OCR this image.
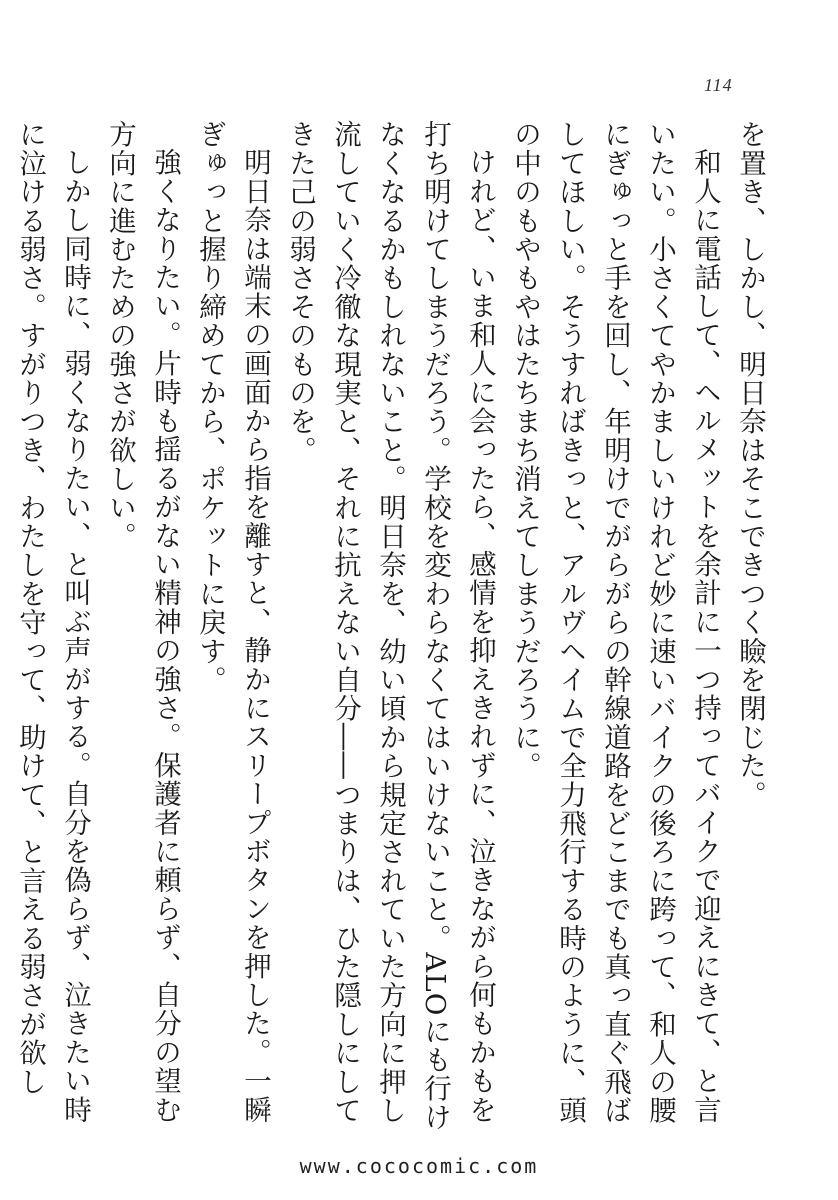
114

を置き、しかし、明日奈はそこできつく瞼を閉じた。

和人に電話して、ヘルメットを余計に一つ持ってバイクで迎えにきて、と言いたい。小さくてやかましいけれど妙に速いバイクの後ろに跨って、和人の腰にぎゅっと手を回し、年明けでがらがらの幹線道路をどこまでも真っ直ぐ飛ばしてほしい。そうすればきっと、アルヴヘイムで全力飛行する時のように、頭の中のもやもやはたちまち消えてしまうだろうに。

けれど、いま和人に会ったら、感情を抑えきれずに、泣きながら何もかもを打ち明けてしまうだろう。学校を変わらなくてはいけないこと。ALOにも行けなくなるかもしれないこと。明日奈を、幼い頃から規定されていた方向に押し流していく冷徹な現実と、それに抗えない自分――つまりは、ひた隠しにしてきた己の弱さそのものを。

明日奈は端末の画面から指を離すと、静かにスリープボタンを押した。一瞬ぎゅっと握り締めてから、ポケットに戻す。

強くなりたい。片時も揺るがない精神の強さ。保護者に頼らず、自分の望む方向に進むための強さが欲しい。

しかし同時に、弱くなりたい、と叫ぶ声がする。自分を偽らず、泣きたい時に泣ける弱さ。すがりつき、わたしを守って、助けて、と言える弱さが欲し

www.cococomic.com
